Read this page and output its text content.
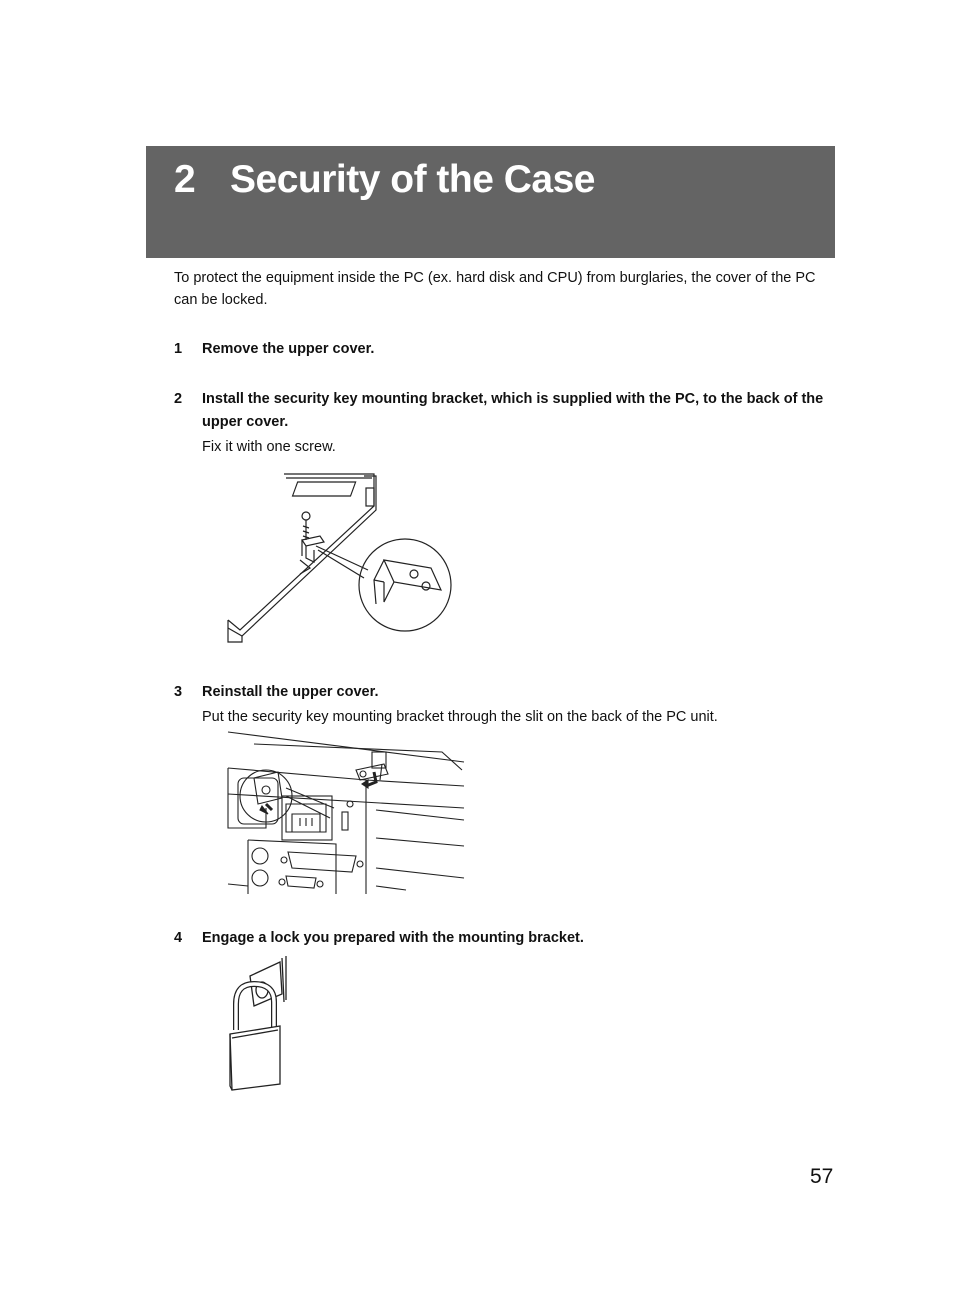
2 Security of the Case
To protect the equipment inside the PC (ex. hard disk and CPU) from burglaries, the cover of the PC can be locked.
1 Remove the upper cover.
2 Install the security key mounting bracket, which is supplied with the PC, to the back of the upper cover.
Fix it with one screw.
3 Reinstall the upper cover.
Put the security key mounting bracket through the slit on the back of the PC unit.
4 Engage a lock you prepared with the mounting bracket.
57
